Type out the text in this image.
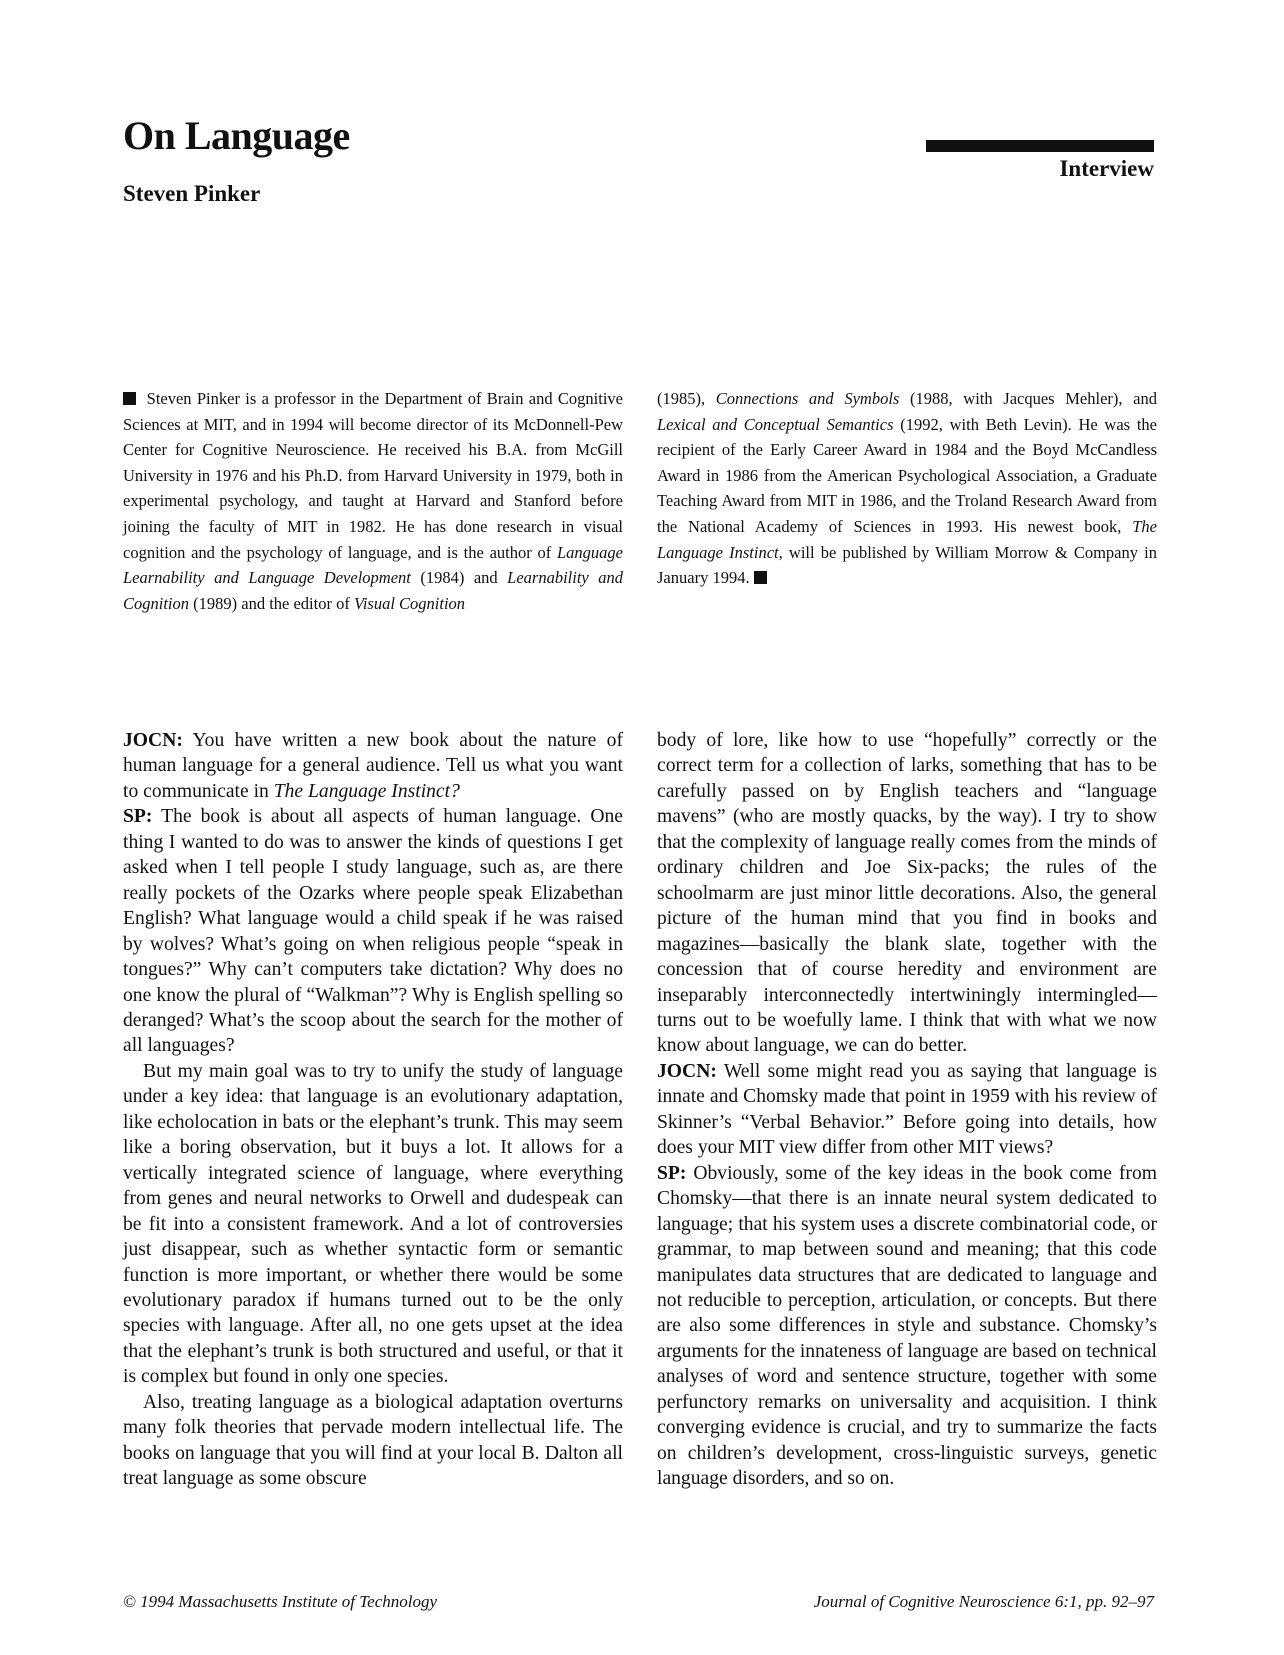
On Language
Steven Pinker
Interview
Steven Pinker is a professor in the Department of Brain and Cognitive Sciences at MIT, and in 1994 will become director of its McDonnell-Pew Center for Cognitive Neuroscience. He received his B.A. from McGill University in 1976 and his Ph.D. from Harvard University in 1979, both in experimental psychology, and taught at Harvard and Stanford before joining the faculty of MIT in 1982. He has done research in visual cognition and the psychology of language, and is the author of Language Learnability and Language Development (1984) and Learnability and Cognition (1989) and the editor of Visual Cognition
(1985), Connections and Symbols (1988, with Jacques Mehler), and Lexical and Conceptual Semantics (1992, with Beth Levin). He was the recipient of the Early Career Award in 1984 and the Boyd McCandless Award in 1986 from the American Psychological Association, a Graduate Teaching Award from MIT in 1986, and the Troland Research Award from the National Academy of Sciences in 1993. His newest book, The Language Instinct, will be published by William Morrow & Company in January 1994.

JOCN: You have written a new book about the nature of human language for a general audience. Tell us what you want to communicate in The Language Instinct?

SP: The book is about all aspects of human language. One thing I wanted to do was to answer the kinds of questions I get asked when I tell people I study language, such as, are there really pockets of the Ozarks where people speak Elizabethan English? What language would a child speak if he was raised by wolves? What’s going on when religious people “speak in tongues?” Why can’t computers take dictation? Why does no one know the plural of “Walkman”? Why is English spelling so deranged? What’s the scoop about the search for the mother of all languages?

But my main goal was to try to unify the study of language under a key idea: that language is an evolutionary adaptation, like echolocation in bats or the elephant’s trunk. This may seem like a boring observation, but it buys a lot. It allows for a vertically integrated science of language, where everything from genes and neural networks to Orwell and dudespeak can be fit into a consistent framework. And a lot of controversies just disappear, such as whether syntactic form or semantic function is more important, or whether there would be some evolutionary paradox if humans turned out to be the only species with language. After all, no one gets upset at the idea that the elephant’s trunk is both structured and useful, or that it is complex but found in only one species.

Also, treating language as a biological adaptation overturns many folk theories that pervade modern intellectual life. The books on language that you will find at your local B. Dalton all treat language as some obscure

body of lore, like how to use “hopefully” correctly or the correct term for a collection of larks, something that has to be carefully passed on by English teachers and “language mavens” (who are mostly quacks, by the way). I try to show that the complexity of language really comes from the minds of ordinary children and Joe Six-packs; the rules of the schoolmarm are just minor little decorations. Also, the general picture of the human mind that you find in books and magazines—basically the blank slate, together with the concession that of course heredity and environment are inseparably interconnectedly intertwiningly intermingled—turns out to be woefully lame. I think that with what we now know about language, we can do better.

JOCN: Well some might read you as saying that language is innate and Chomsky made that point in 1959 with his review of Skinner’s “Verbal Behavior.” Before going into details, how does your MIT view differ from other MIT views?

SP: Obviously, some of the key ideas in the book come from Chomsky—that there is an innate neural system dedicated to language; that his system uses a discrete combinatorial code, or grammar, to map between sound and meaning; that this code manipulates data structures that are dedicated to language and not reducible to perception, articulation, or concepts. But there are also some differences in style and substance. Chomsky’s arguments for the innateness of language are based on technical analyses of word and sentence structure, together with some perfunctory remarks on universality and acquisition. I think converging evidence is crucial, and try to summarize the facts on children’s development, cross-linguistic surveys, genetic language disorders, and so on.

© 1994 Massachusetts Institute of Technology	Journal of Cognitive Neuroscience 6:1, pp. 92–97
